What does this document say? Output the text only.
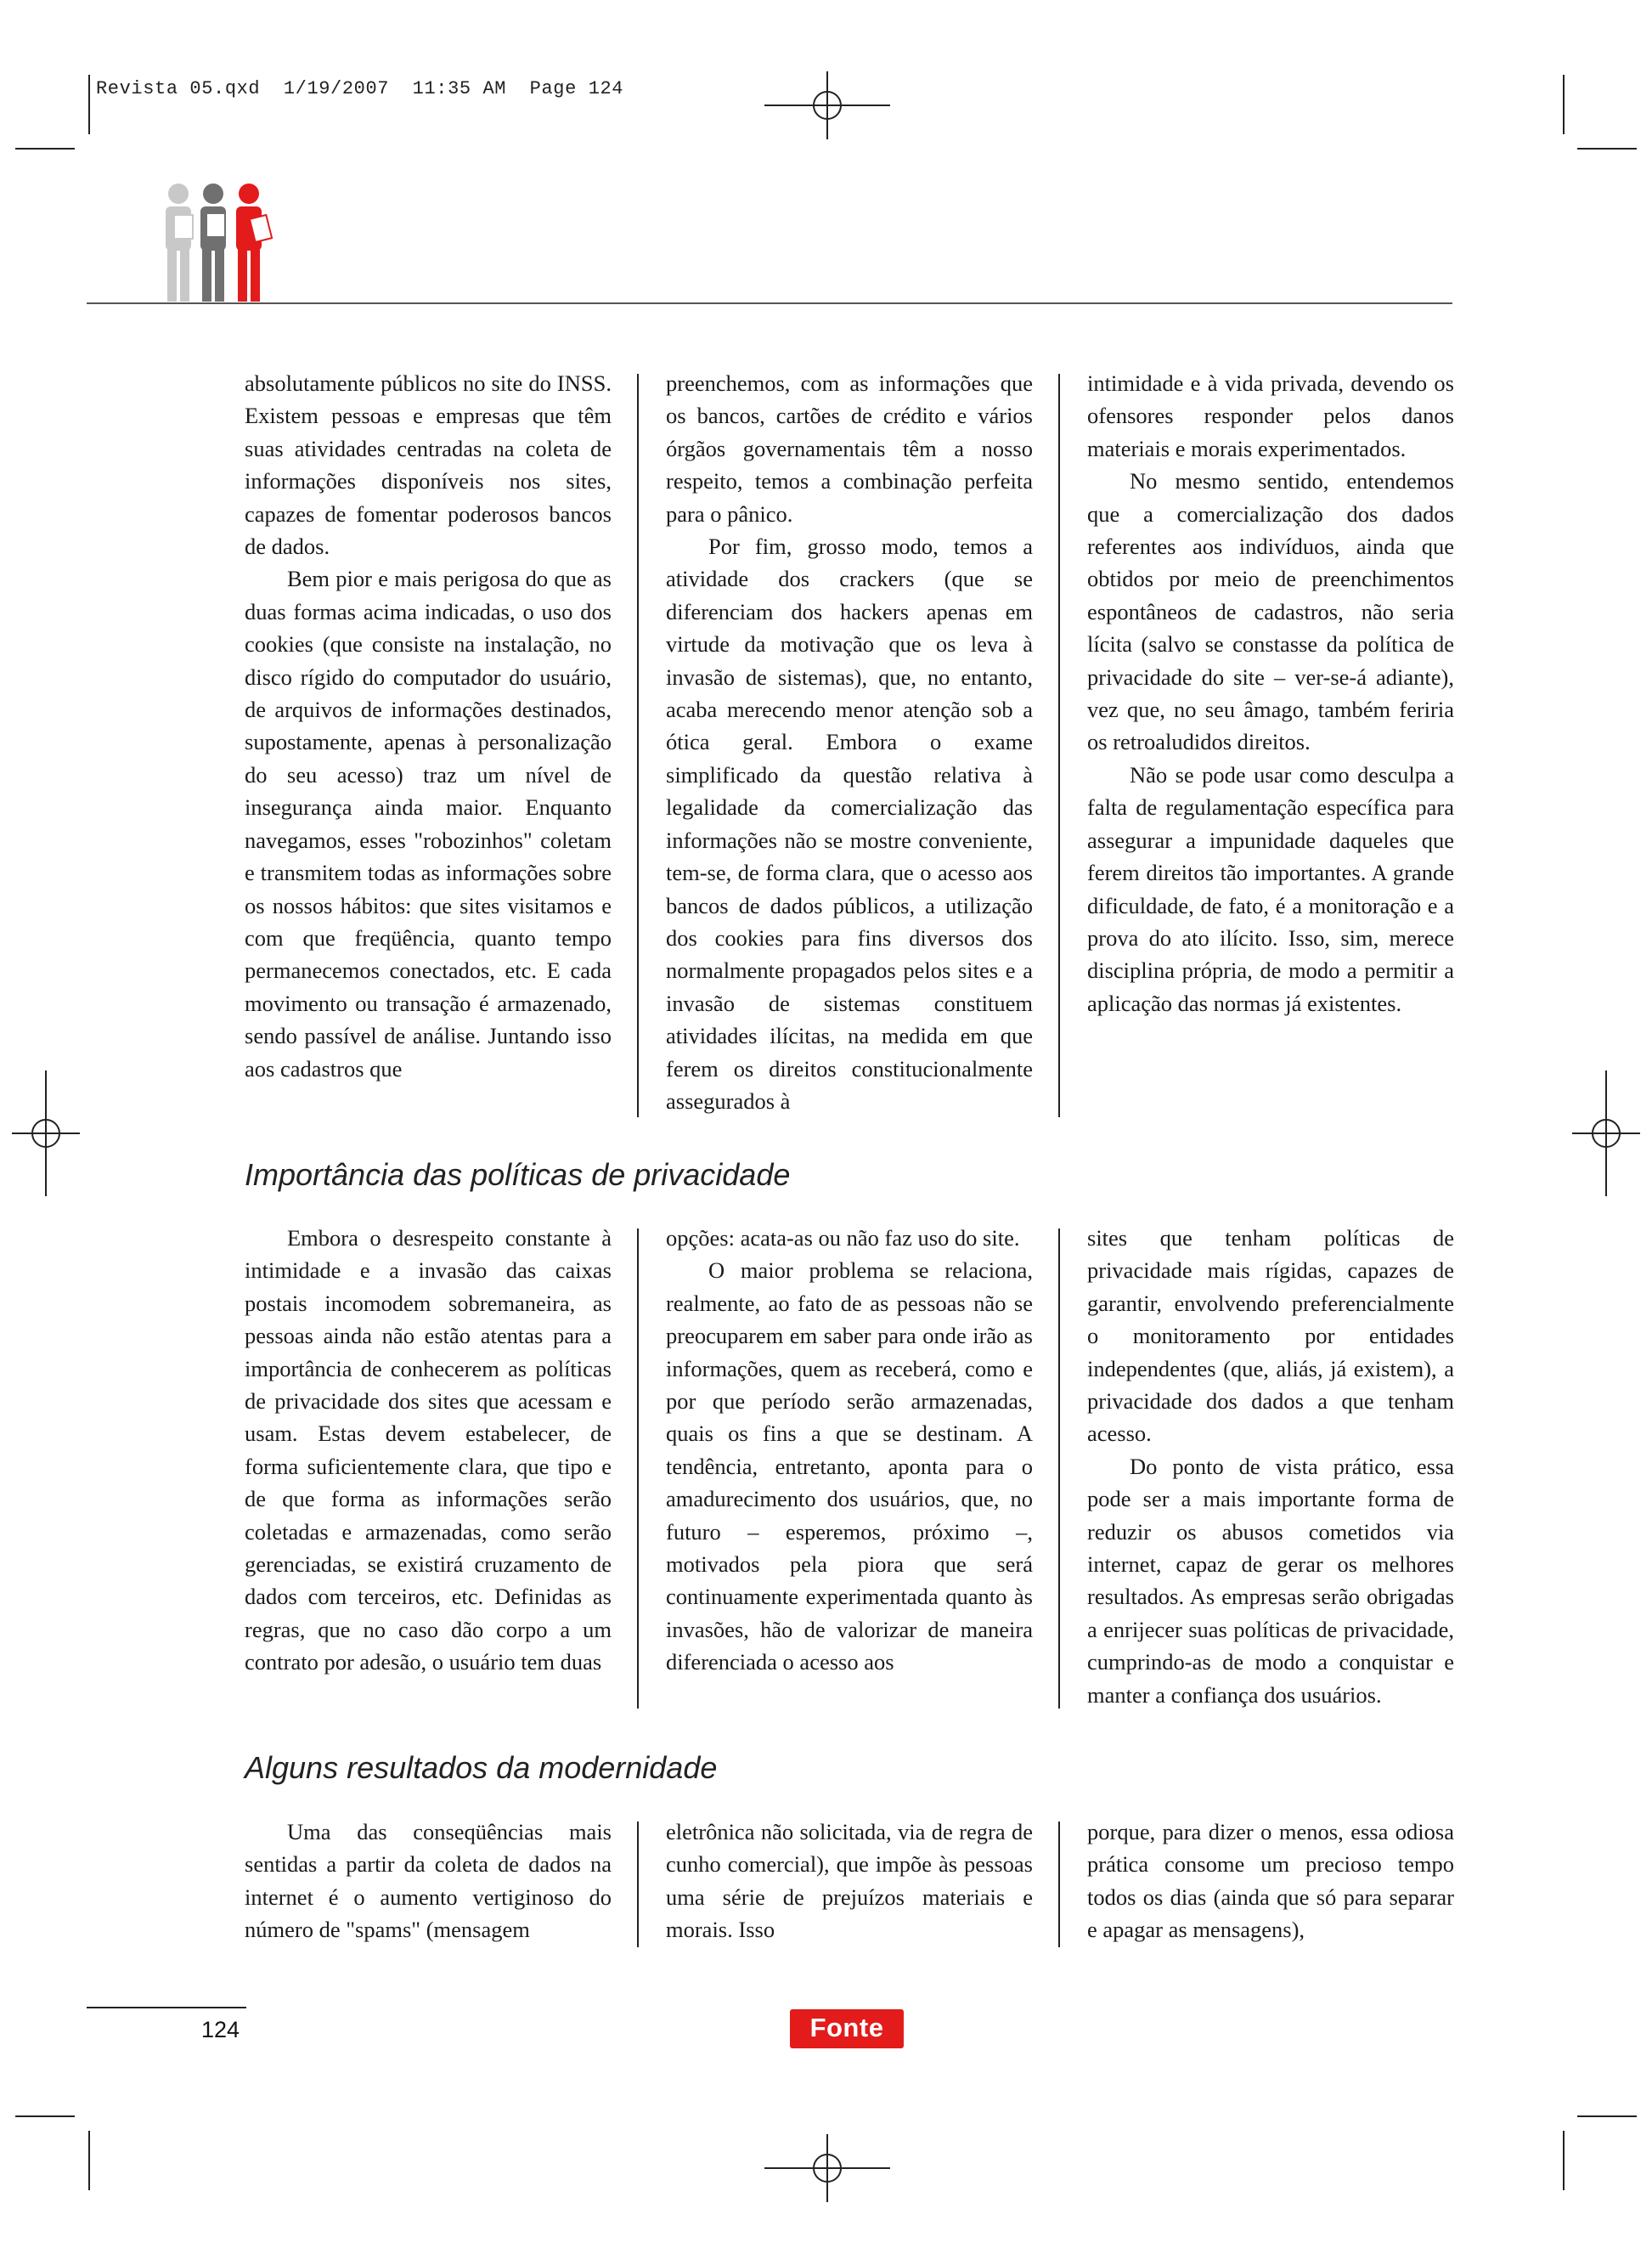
Revista 05.qxd  1/19/2007  11:35 AM  Page 124

absolutamente públicos no site do INSS. Existem pessoas e empresas que têm suas atividades centradas na coleta de informações disponíveis nos sites, capazes de fomentar poderosos bancos de dados.

Bem pior e mais perigosa do que as duas formas acima indicadas, o uso dos cookies (que consiste na instalação, no disco rígido do computador do usuário, de arquivos de informações destinados, supostamente, apenas à personalização do seu acesso) traz um nível de insegurança ainda maior. Enquanto navegamos, esses "robozinhos" coletam e transmitem todas as informações sobre os nossos hábitos: que sites visitamos e com que freqüência, quanto tempo permanecemos conectados, etc. E cada movimento ou transação é armazenado, sendo passível de análise. Juntando isso aos cadastros que

preenchemos, com as informações que os bancos, cartões de crédito e vários órgãos governamentais têm a nosso respeito, temos a combinação perfeita para o pânico.

Por fim, grosso modo, temos a atividade dos crackers (que se diferenciam dos hackers apenas em virtude da motivação que os leva à invasão de sistemas), que, no entanto, acaba merecendo menor atenção sob a ótica geral. Embora o exame simplificado da questão relativa à legalidade da comercialização das informações não se mostre conveniente, tem-se, de forma clara, que o acesso aos bancos de dados públicos, a utilização dos cookies para fins diversos dos normalmente propagados pelos sites e a invasão de sistemas constituem atividades ilícitas, na medida em que ferem os direitos constitucionalmente assegurados à

intimidade e à vida privada, devendo os ofensores responder pelos danos materiais e morais experimentados.

No mesmo sentido, entendemos que a comercialização dos dados referentes aos indivíduos, ainda que obtidos por meio de preenchimentos espontâneos de cadastros, não seria lícita (salvo se constasse da política de privacidade do site – ver-se-á adiante), vez que, no seu âmago, também feriria os retroaludidos direitos.

Não se pode usar como desculpa a falta de regulamentação específica para assegurar a impunidade daqueles que ferem direitos tão importantes. A grande dificuldade, de fato, é a monitoração e a prova do ato ilícito. Isso, sim, merece disciplina própria, de modo a permitir a aplicação das normas já existentes.

Importância das políticas de privacidade

Embora o desrespeito constante à intimidade e a invasão das caixas postais incomodem sobremaneira, as pessoas ainda não estão atentas para a importância de conhecerem as políticas de privacidade dos sites que acessam e usam. Estas devem estabelecer, de forma suficientemente clara, que tipo e de que forma as informações serão coletadas e armazenadas, como serão gerenciadas, se existirá cruzamento de dados com terceiros, etc. Definidas as regras, que no caso dão corpo a um contrato por adesão, o usuário tem duas

opções: acata-as ou não faz uso do site.

O maior problema se relaciona, realmente, ao fato de as pessoas não se preocuparem em saber para onde irão as informações, quem as receberá, como e por que período serão armazenadas, quais os fins a que se destinam. A tendência, entretanto, aponta para o amadurecimento dos usuários, que, no futuro – esperemos, próximo –, motivados pela piora que será continuamente experimentada quanto às invasões, hão de valorizar de maneira diferenciada o acesso aos

sites que tenham políticas de privacidade mais rígidas, capazes de garantir, envolvendo preferencialmente o monitoramento por entidades independentes (que, aliás, já existem), a privacidade dos dados a que tenham acesso.

Do ponto de vista prático, essa pode ser a mais importante forma de reduzir os abusos cometidos via internet, capaz de gerar os melhores resultados. As empresas serão obrigadas a enrijecer suas políticas de privacidade, cumprindo-as de modo a conquistar e manter a confiança dos usuários.

Alguns resultados da modernidade

Uma das conseqüências mais sentidas a partir da coleta de dados na internet é o aumento vertiginoso do número de "spams" (mensagem

eletrônica não solicitada, via de regra de cunho comercial), que impõe às pessoas uma série de prejuízos materiais e morais. Isso

porque, para dizer o menos, essa odiosa prática consome um precioso tempo todos os dias (ainda que só para separar e apagar as mensagens),

124	Fonte
